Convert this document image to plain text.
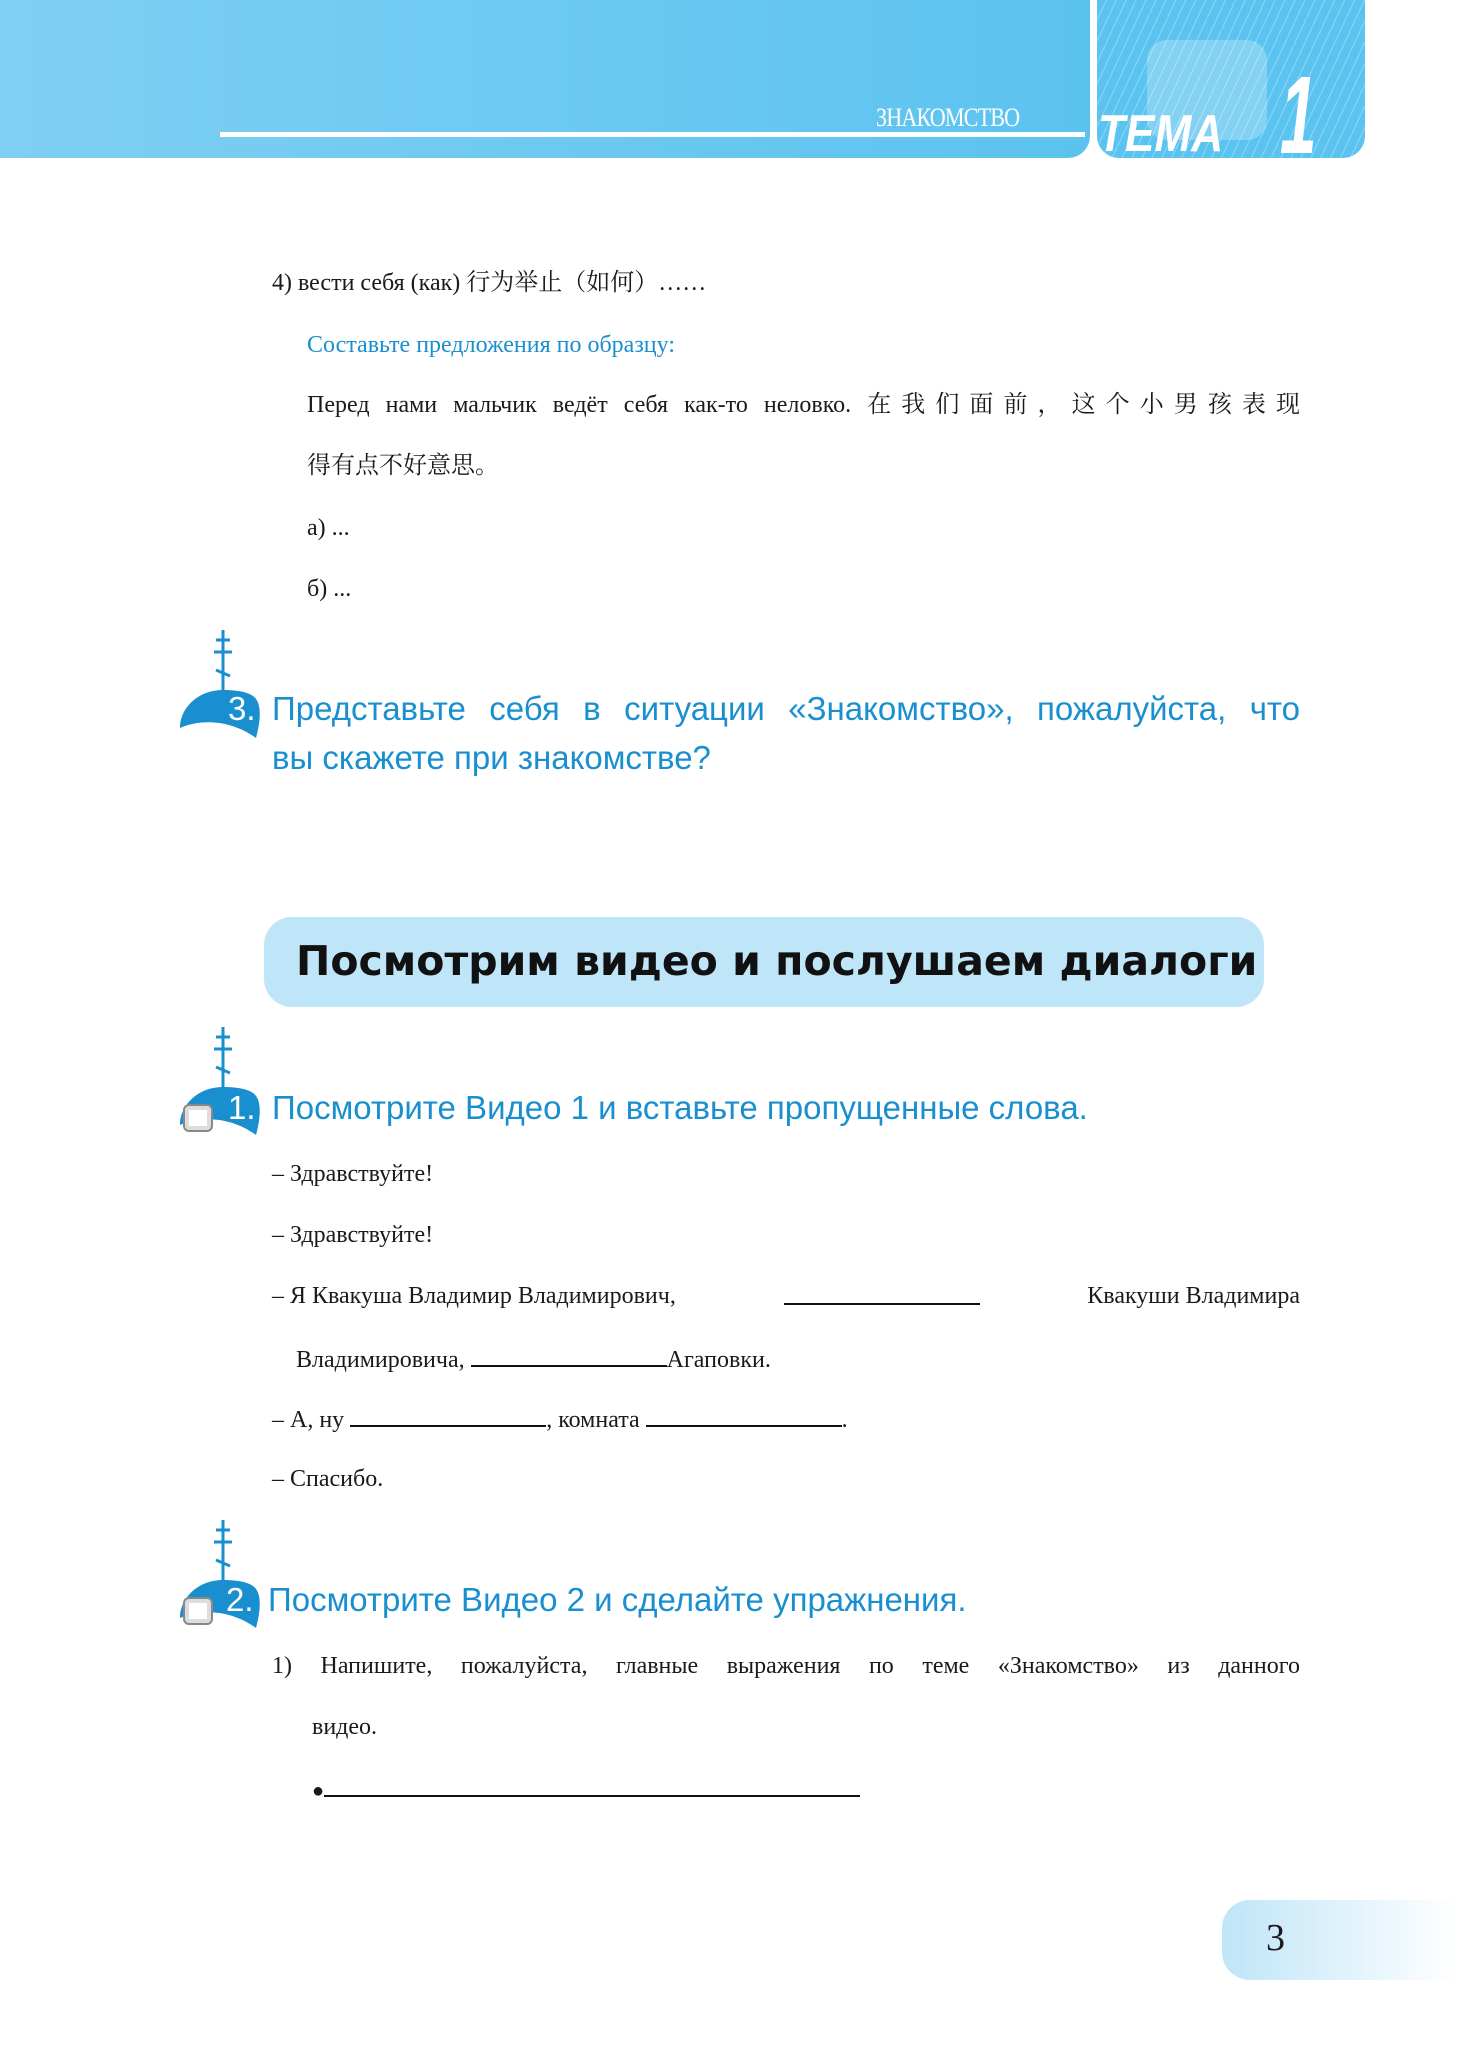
ЗНАКОМСТВО ТЕМА 1
4) вести себя (как) 行为举止（如何）……
Составьте предложения по образцу:
Перед нами мальчик ведёт себя как-то неловко. 在我们面前，这个小男孩表现
得有点不好意思。
а) ...
б) ...
3. Представьте себя в ситуации «Знакомство», пожалуйста, что
вы скажете при знакомстве?
Посмотрим видео и послушаем диалоги
1. Посмотрите Видео 1 и вставьте пропущенные слова.
– Здравствуйте!
– Здравствуйте!
– Я Квакуша Владимир Владимирович,	Квакуши Владимира
Владимировича,	Агаповки.
– А, ну	, комната	.
– Спасибо.
2. Посмотрите Видео 2 и сделайте упражнения.
1) Напишите, пожалуйста, главные выражения по теме «Знакомство» из данного
видео.
●
3
